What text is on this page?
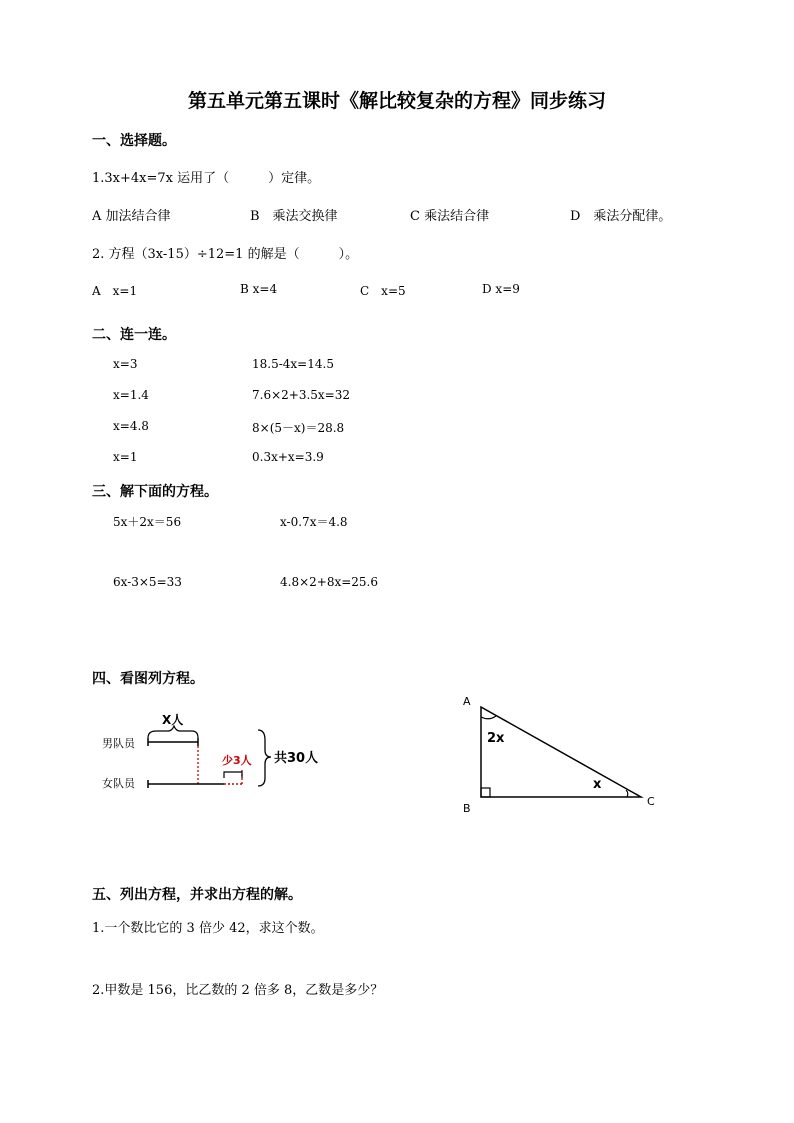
第五单元第五课时《解比较复杂的方程》同步练习
一、选择题。
1.3x+4x=7x 运用了（　　　）定律。
A 加法结合律	B　乘法交换律	C 乘法结合律	D　乘法分配律。
2. 方程（3x-15）÷12=1 的解是（　　　）。
A　x=1	B x=4	C　x=5	D x=9
二、连一连。
x=3
x=1.4
x=4.8
x=1
18.5-4x=14.5
7.6×2+3.5x=32
8×(5－x)＝28.8
0.3x+x=3.9
三、解下面的方程。
5x＋2x＝56	x-0.7x＝4.8
6x-3×5=33	4.8×2+8x=25.6
四、看图列方程。
男队员
女队员
X人
少3人 共30人
A
B
C
2x
x
五、列出方程，并求出方程的解。
1.一个数比它的 3 倍少 42，求这个数。
2.甲数是 156，比乙数的 2 倍多 8，乙数是多少？
